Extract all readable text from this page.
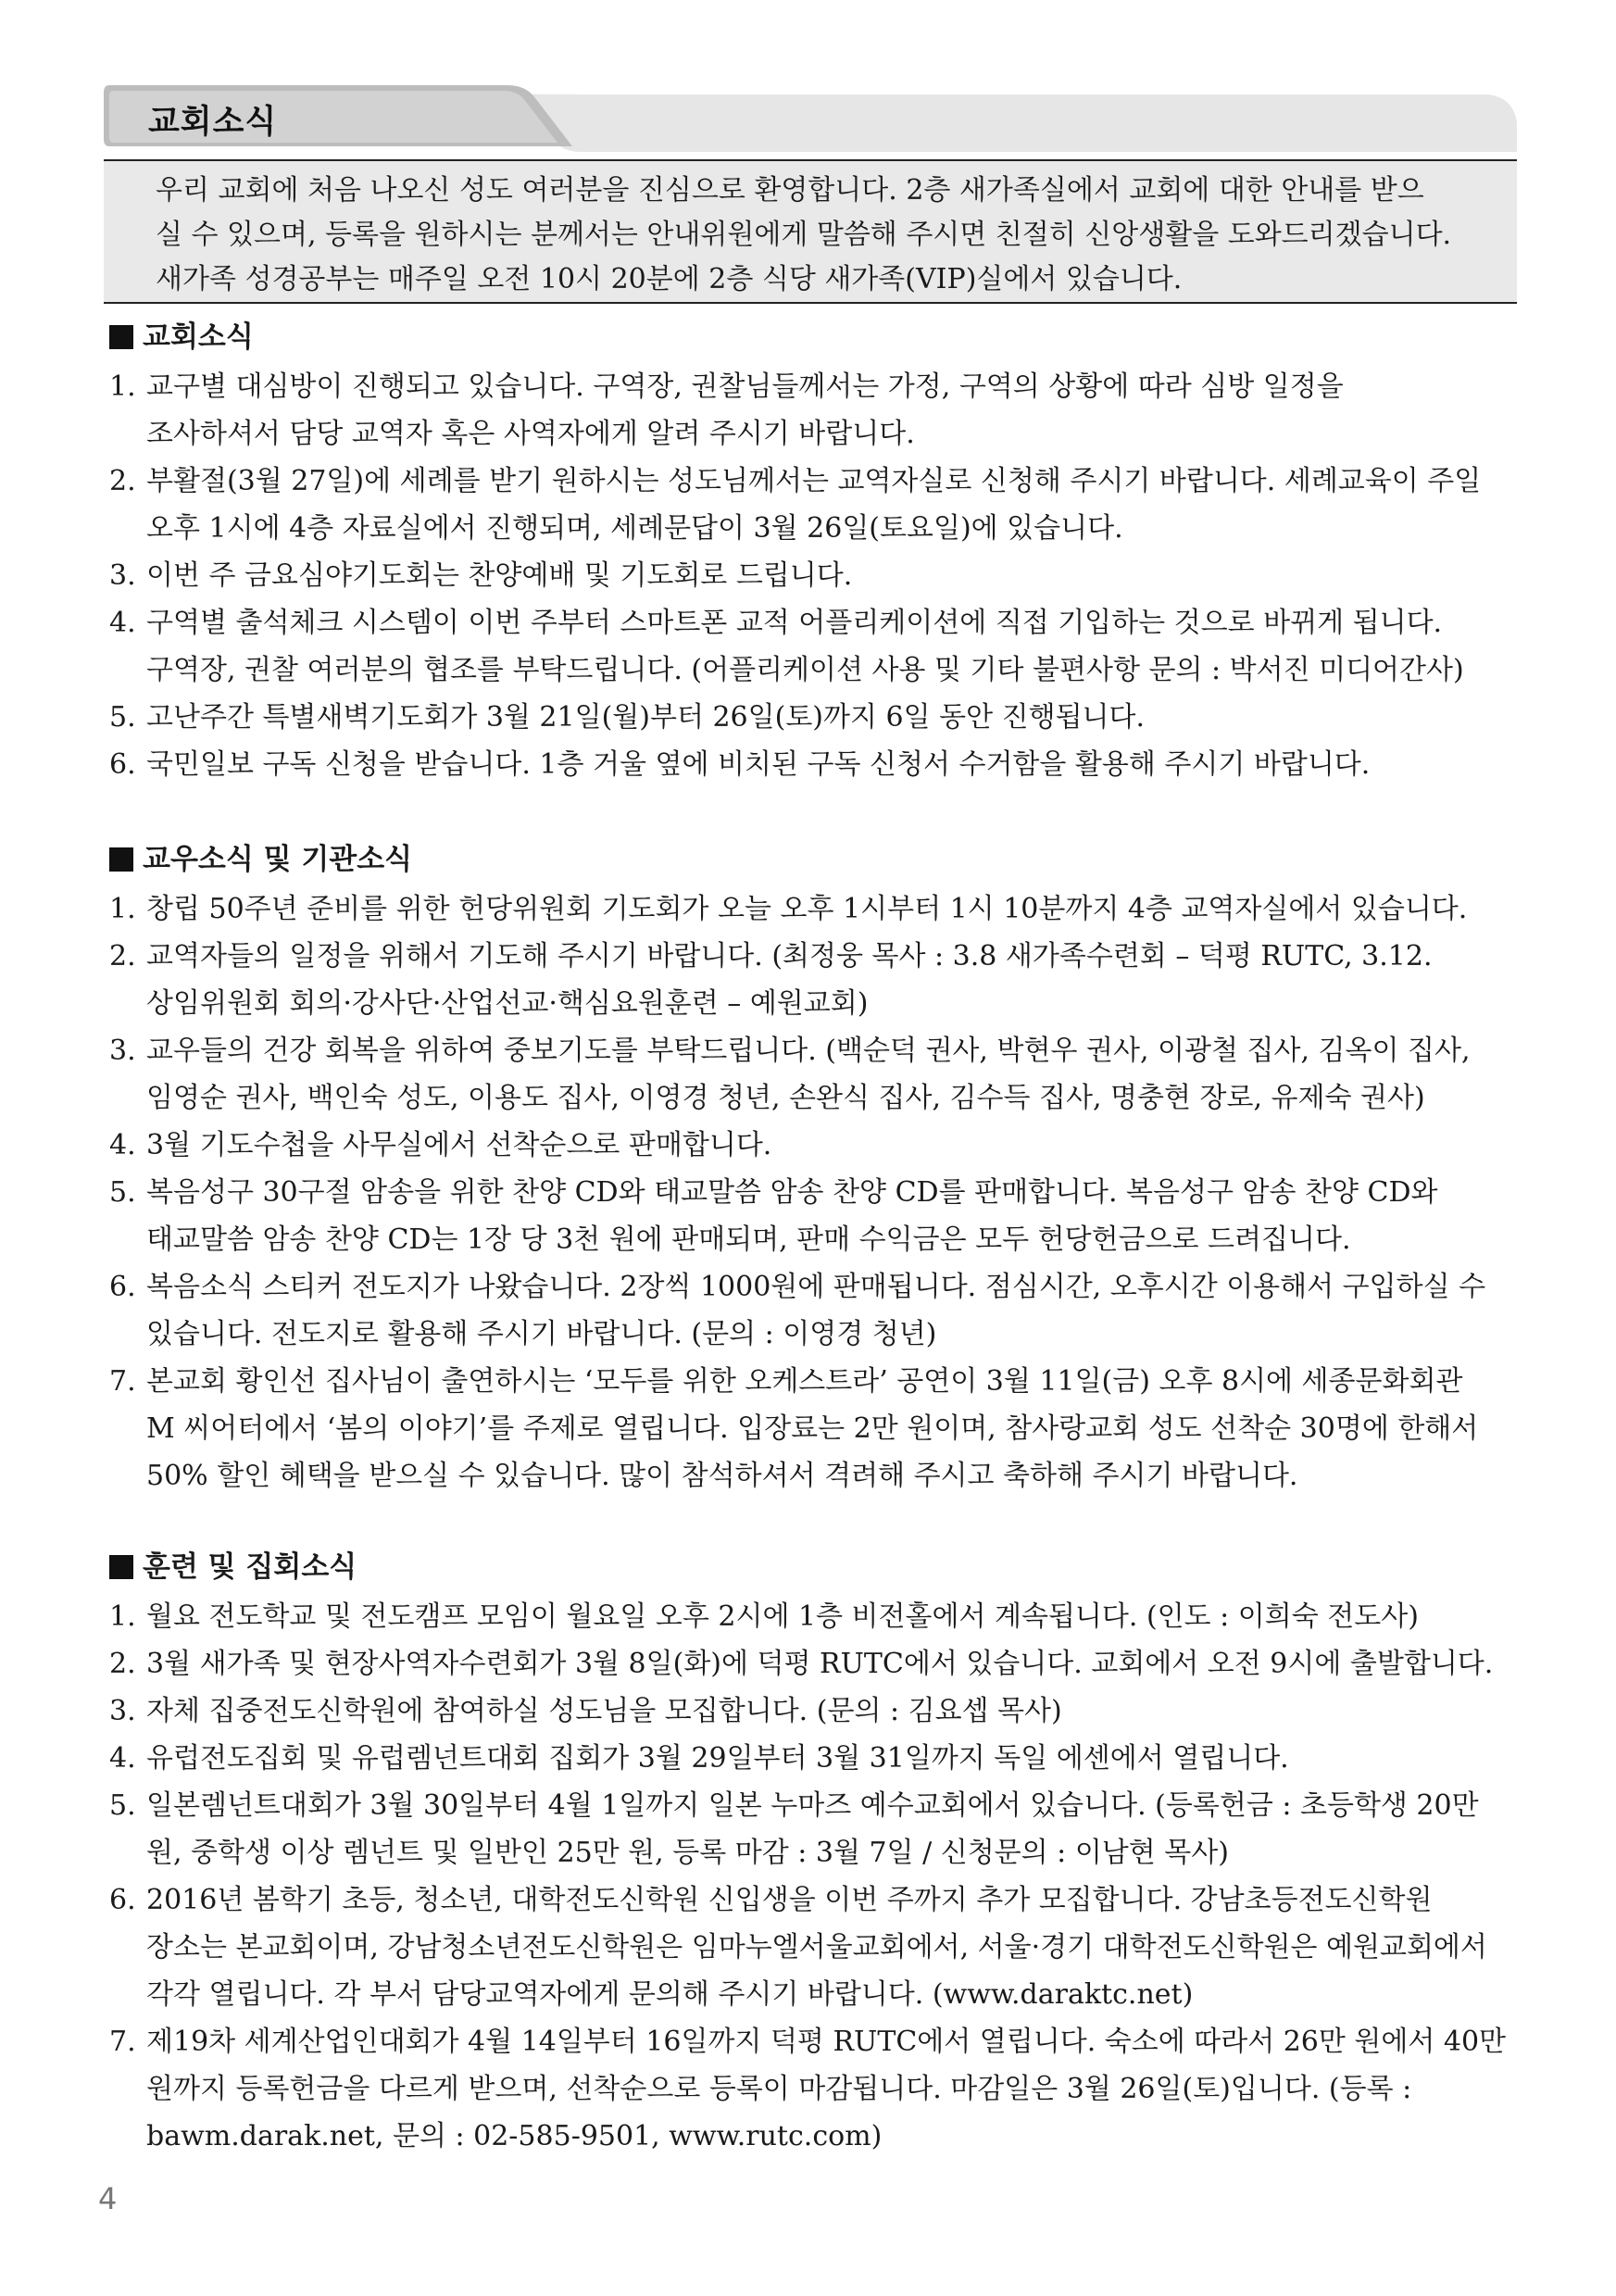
교회소식
우리 교회에 처음 나오신 성도 여러분을 진심으로 환영합니다. 2층 새가족실에서 교회에 대한 안내를 받으
실 수 있으며, 등록을 원하시는 분께서는 안내위원에게 말씀해 주시면 친절히 신앙생활을 도와드리겠습니다.
새가족 성경공부는 매주일 오전 10시 20분에 2층 식당 새가족(VIP)실에서 있습니다.
교회소식
1. 교구별 대심방이 진행되고 있습니다. 구역장, 권찰님들께서는 가정, 구역의 상황에 따라 심방 일정을
조사하셔서 담당 교역자 혹은 사역자에게 알려 주시기 바랍니다.
2. 부활절(3월 27일)에 세례를 받기 원하시는 성도님께서는 교역자실로 신청해 주시기 바랍니다. 세례교육이 주일
오후 1시에 4층 자료실에서 진행되며, 세례문답이 3월 26일(토요일)에 있습니다.
3. 이번 주 금요심야기도회는 찬양예배 및 기도회로 드립니다.
4. 구역별 출석체크 시스템이 이번 주부터 스마트폰 교적 어플리케이션에 직접 기입하는 것으로 바뀌게 됩니다.
구역장, 권찰 여러분의 협조를 부탁드립니다. (어플리케이션 사용 및 기타 불편사항 문의 : 박서진 미디어간사)
5. 고난주간 특별새벽기도회가 3월 21일(월)부터 26일(토)까지 6일 동안 진행됩니다.
6. 국민일보 구독 신청을 받습니다. 1층 거울 옆에 비치된 구독 신청서 수거함을 활용해 주시기 바랍니다.
교우소식 및 기관소식
1. 창립 50주년 준비를 위한 헌당위원회 기도회가 오늘 오후 1시부터 1시 10분까지 4층 교역자실에서 있습니다.
2. 교역자들의 일정을 위해서 기도해 주시기 바랍니다. (최정웅 목사 : 3.8 새가족수련회 – 덕평 RUTC, 3.12.
상임위원회 회의·강사단·산업선교·핵심요원훈련 – 예원교회)
3. 교우들의 건강 회복을 위하여 중보기도를 부탁드립니다. (백순덕 권사, 박현우 권사, 이광철 집사, 김옥이 집사,
임영순 권사, 백인숙 성도, 이용도 집사, 이영경 청년, 손완식 집사, 김수득 집사, 명충현 장로, 유제숙 권사)
4. 3월 기도수첩을 사무실에서 선착순으로 판매합니다.
5. 복음성구 30구절 암송을 위한 찬양 CD와 태교말씀 암송 찬양 CD를 판매합니다. 복음성구 암송 찬양 CD와
태교말씀 암송 찬양 CD는 1장 당 3천 원에 판매되며, 판매 수익금은 모두 헌당헌금으로 드려집니다.
6. 복음소식 스티커 전도지가 나왔습니다. 2장씩 1000원에 판매됩니다. 점심시간, 오후시간 이용해서 구입하실 수
있습니다. 전도지로 활용해 주시기 바랍니다. (문의 : 이영경 청년)
7. 본교회 황인선 집사님이 출연하시는 ‘모두를 위한 오케스트라’ 공연이 3월 11일(금) 오후 8시에 세종문화회관
M 씨어터에서 ‘봄의 이야기’를 주제로 열립니다. 입장료는 2만 원이며, 참사랑교회 성도 선착순 30명에 한해서
50% 할인 혜택을 받으실 수 있습니다. 많이 참석하셔서 격려해 주시고 축하해 주시기 바랍니다.
훈련 및 집회소식
1. 월요 전도학교 및 전도캠프 모임이 월요일 오후 2시에 1층 비전홀에서 계속됩니다. (인도 : 이희숙 전도사)
2. 3월 새가족 및 현장사역자수련회가 3월 8일(화)에 덕평 RUTC에서 있습니다. 교회에서 오전 9시에 출발합니다.
3. 자체 집중전도신학원에 참여하실 성도님을 모집합니다. (문의 : 김요셉 목사)
4. 유럽전도집회 및 유럽렘넌트대회 집회가 3월 29일부터 3월 31일까지 독일 에센에서 열립니다.
5. 일본렘넌트대회가 3월 30일부터 4월 1일까지 일본 누마즈 예수교회에서 있습니다. (등록헌금 : 초등학생 20만
원, 중학생 이상 렘넌트 및 일반인 25만 원, 등록 마감 : 3월 7일 / 신청문의 : 이남현 목사)
6. 2016년 봄학기 초등, 청소년, 대학전도신학원 신입생을 이번 주까지 추가 모집합니다. 강남초등전도신학원
장소는 본교회이며, 강남청소년전도신학원은 임마누엘서울교회에서, 서울·경기 대학전도신학원은 예원교회에서
각각 열립니다. 각 부서 담당교역자에게 문의해 주시기 바랍니다. (www.daraktc.net)
7. 제19차 세계산업인대회가 4월 14일부터 16일까지 덕평 RUTC에서 열립니다. 숙소에 따라서 26만 원에서 40만
원까지 등록헌금을 다르게 받으며, 선착순으로 등록이 마감됩니다. 마감일은 3월 26일(토)입니다. (등록 :
bawm.darak.net, 문의 : 02-585-9501, www.rutc.com)
4
